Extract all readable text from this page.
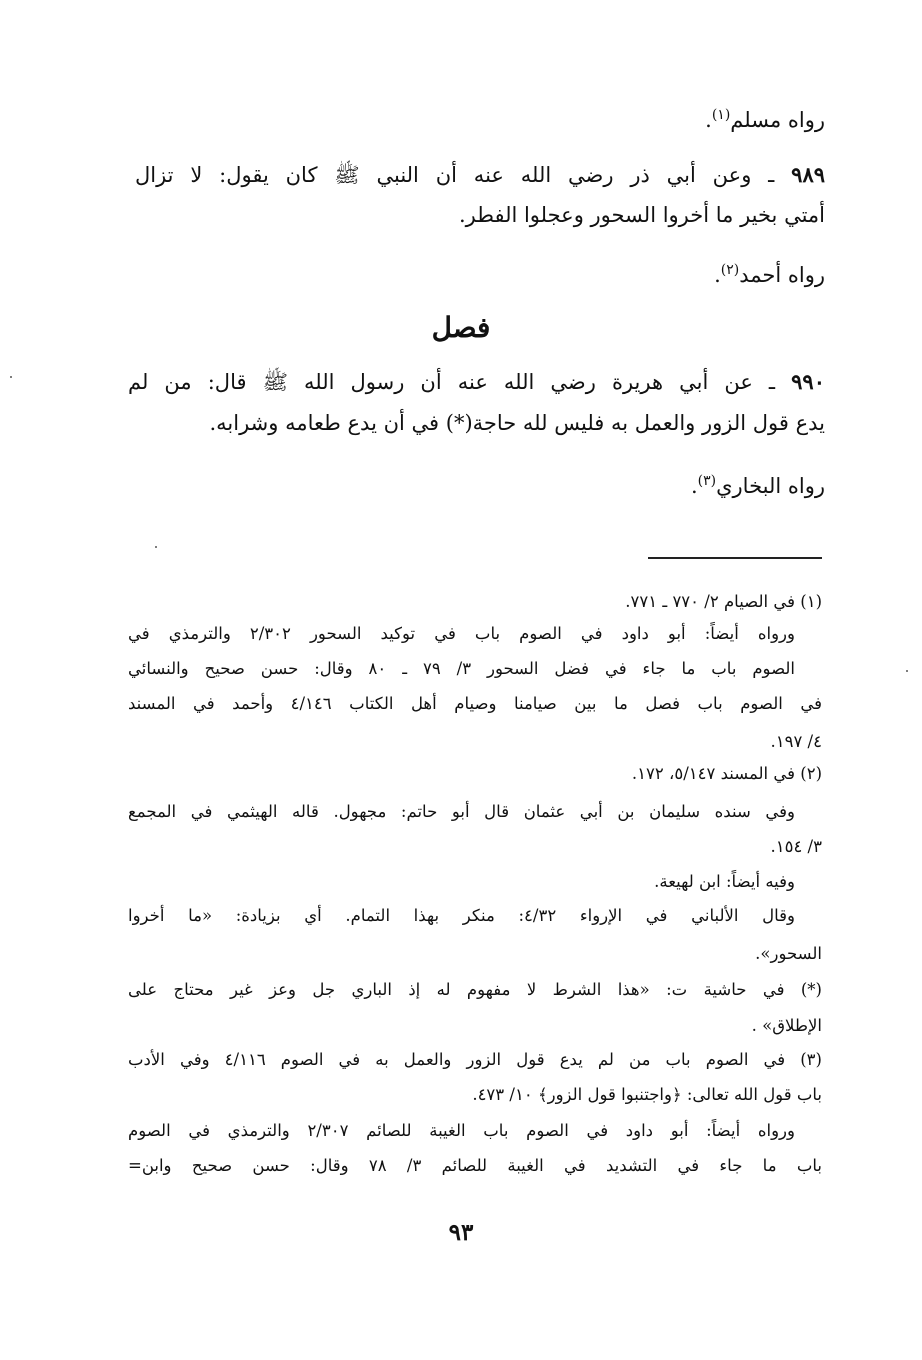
رواه مسلم$^{(١)}$.
٩٨٩ ـ وعن أبي ذر رضي الله عنه أن النبي ﷺ كان يقول: لا تزال
أمتي بخير ما أخروا السحور وعجلوا الفطر.
رواه أحمد$^{(٢)}$.
فصل
٩٩٠ ـ عن أبي هريرة رضي الله عنه أن رسول الله ﷺ قال: من لم
يدع قول الزور والعمل به فليس لله حاجة(*) في أن يدع طعامه وشرابه.
رواه البخاري$^{(٣)}$.
(١) في الصيام ٢/ ٧٧٠ ـ ٧٧١.
ورواه أيضاً: أبو داود في الصوم باب في توكيد السحور ٢/٣٠٢ والترمذي في
الصوم باب ما جاء في فضل السحور ٣/ ٧٩ ـ ٨٠ وقال: حسن صحيح والنسائي
في الصوم باب فصل ما بين صيامنا وصيام أهل الكتاب ٤/١٤٦ وأحمد في المسند
٤/ ١٩٧.
(٢) في المسند ٥/١٤٧، ١٧٢.
وفي سنده سليمان بن أبي عثمان قال أبو حاتم: مجهول. قاله الهيثمي في المجمع
٣/ ١٥٤.
وفيه أيضاً: ابن لهيعة.
وقال الألباني في الإرواء ٤/٣٢: منكر بهذا التمام. أي بزيادة: «ما أخروا
السحور».
(*) في حاشية ت: «هذا الشرط لا مفهوم له إذ الباري جل وعز غير محتاج على
الإطلاق» .
(٣) في الصوم باب من لم يدع قول الزور والعمل به في الصوم ٤/١١٦ وفي الأدب
باب قول الله تعالى: ﴿واجتنبوا قول الزور﴾ ١٠/ ٤٧٣.
ورواه أيضاً: أبو داود في الصوم باب الغيبة للصائم ٢/٣٠٧ والترمذي في الصوم
باب ما جاء في التشديد في الغيبة للصائم ٣/ ٧٨ وقال: حسن صحيح وابن=
٩٣
